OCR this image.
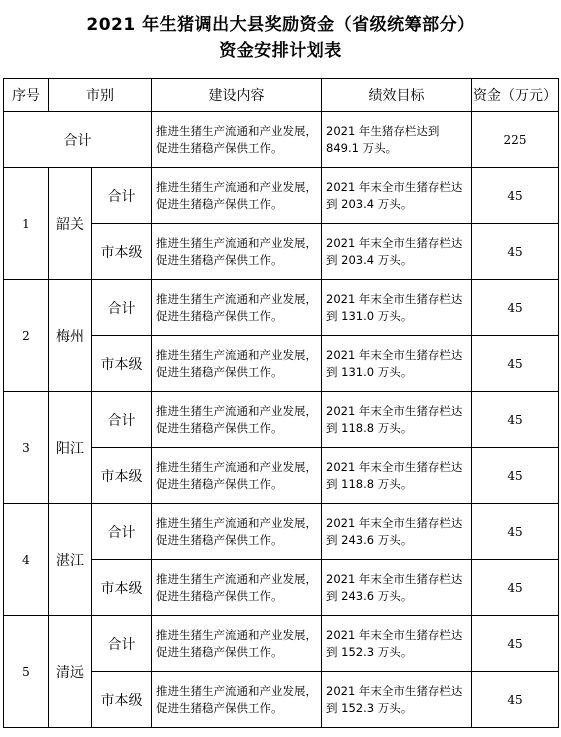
2021 年生猪调出大县奖励资金（省级统筹部分）
资金安排计划表
序号	市别		建设内容	绩效目标	资金（万元）
合计			推进生猪生产流通和产业发展，促进生猪稳产保供工作。	2021 年生猪存栏达到 849.1 万头。	225
1	韶关	合计	推进生猪生产流通和产业发展，促进生猪稳产保供工作。	2021 年末全市生猪存栏达到 203.4 万头。	45
		市本级	推进生猪生产流通和产业发展，促进生猪稳产保供工作。	2021 年末全市生猪存栏达到 203.4 万头。	45
2	梅州	合计	推进生猪生产流通和产业发展，促进生猪稳产保供工作。	2021 年末全市生猪存栏达到 131.0 万头。	45
		市本级	推进生猪生产流通和产业发展，促进生猪稳产保供工作。	2021 年末全市生猪存栏达到 131.0 万头。	45
3	阳江	合计	推进生猪生产流通和产业发展，促进生猪稳产保供工作。	2021 年末全市生猪存栏达到 118.8 万头。	45
		市本级	推进生猪生产流通和产业发展，促进生猪稳产保供工作。	2021 年末全市生猪存栏达到 118.8 万头。	45
4	湛江	合计	推进生猪生产流通和产业发展，促进生猪稳产保供工作。	2021 年末全市生猪存栏达到 243.6 万头。	45
		市本级	推进生猪生产流通和产业发展，促进生猪稳产保供工作。	2021 年末全市生猪存栏达到 243.6 万头。	45
5	清远	合计	推进生猪生产流通和产业发展，促进生猪稳产保供工作。	2021 年末全市生猪存栏达到 152.3 万头。	45
		市本级	推进生猪生产流通和产业发展，促进生猪稳产保供工作。	2021 年末全市生猪存栏达到 152.3 万头。	45
